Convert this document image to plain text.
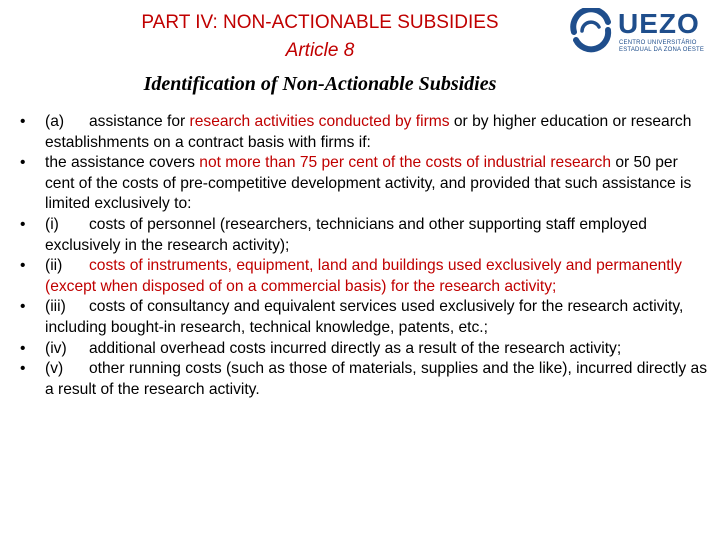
PART IV: NON‑ACTIONABLE SUBSIDIES
Article 8
Identification of Non‑Actionable Subsidies
UEZO
CENTRO UNIVERSITÁRIO
ESTADUAL DA ZONA OESTE
•	(a) assistance for research activities conducted by firms or by higher education or research establishments on a contract basis with firms if:
•	the assistance covers not more than 75 per cent of the costs of industrial research or 50 per cent of the costs of pre‑competitive development activity, and provided that such assistance is limited exclusively to:
•	(i) costs of personnel (researchers, technicians and other supporting staff employed exclusively in the research activity);
•	(ii) costs of instruments, equipment, land and buildings used exclusively and permanently (except when disposed of on a commercial basis) for the research activity;
•	(iii) costs of consultancy and equivalent services used exclusively for the research activity, including bought‑in research, technical knowledge, patents, etc.;
•	(iv) additional overhead costs incurred directly as a result of the research activity;
•	(v) other running costs (such as those of materials, supplies and the like), incurred directly as a result of the research activity.
